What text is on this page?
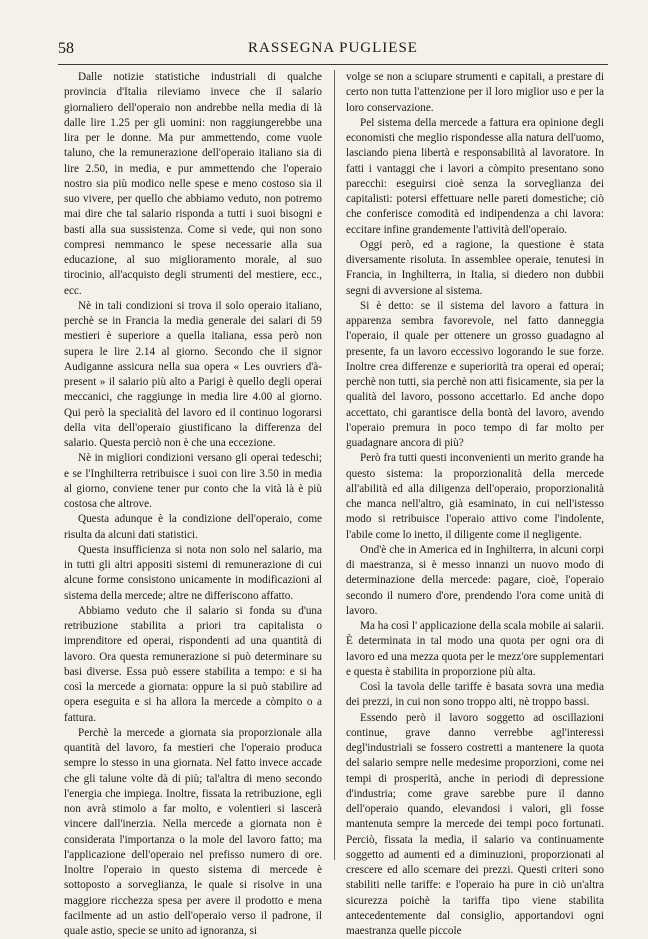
58	RASSEGNA PUGLIESE

Dalle notizie statistiche industriali di qualche provincia d'Italia rileviamo invece che il salario giornaliero dell'operaio non andrebbe nella media di là dalle lire 1.25 per gli uomini: non raggiungerebbe una lira per le donne. Ma pur ammettendo, come vuole taluno, che la remunerazione dell'operaio italiano sia di lire 2.50, in media, e pur ammettendo che l'operaio nostro sia più modico nelle spese e meno costoso sia il suo vivere, per quello che abbiamo veduto, non potremo mai dire che tal salario risponda a tutti i suoi bisogni e basti alla sua sussistenza. Come si vede, qui non sono compresi nemmanco le spese necessarie alla sua educazione, al suo miglioramento morale, al suo tirocinio, all'acquisto degli strumenti del mestiere, ecc., ecc.

Nè in tali condizioni si trova il solo operaio italiano, perchè se in Francia la media generale dei salari di 59 mestieri è superiore a quella italiana, essa però non supera le lire 2.14 al giorno. Secondo che il signor Audiganne assicura nella sua opera « Les ouvriers d'à-present » il salario più alto a Parigi è quello degli operai meccanici, che raggiunge in media lire 4.00 al giorno. Qui però la specialità del lavoro ed il continuo logorarsi della vita dell'operaio giustificano la differenza del salario. Questa perciò non è che una eccezione.

Nè in migliori condizioni versano gli operai tedeschi; e se l'Inghilterra retribuisce i suoi con lire 3.50 in media al giorno, conviene tener pur conto che la vità là è più costosa che altrove.

Questa adunque è la condizione dell'operaio, come risulta da alcuni dati statistici.

Questa insufficienza si nota non solo nel salario, ma in tutti gli altri appositi sistemi di remunerazione di cui alcune forme consistono unicamente in modificazioni al sistema della mercede; altre ne differiscono affatto.

Abbiamo veduto che il salario si fonda su d'una retribuzione stabilita a priori tra capitalista o imprenditore ed operai, rispondenti ad una quantità di lavoro. Ora questa remunerazione si può determinare su basi diverse. Essa può essere stabilita a tempo: e si ha così la mercede a giornata: oppure la si può stabilire ad opera eseguita e si ha allora la mercede a còmpito o a fattura.

Perchè la mercede a giornata sia proporzionale alla quantità del lavoro, fa mestieri che l'operaio produca sempre lo stesso in una giornata. Nel fatto invece accade che gli talune volte dà di più; tal'altra di meno secondo l'energia che impiega. Inoltre, fissata la retribuzione, egli non avrà stimolo a far molto, e volentieri si lascerà vincere dall'inerzia. Nella mercede a giornata non è considerata l'importanza o la mole del lavoro fatto; ma l'applicazione dell'operaio nel prefisso numero di ore. Inoltre l'operaio in questo sistema di mercede è sottoposto a sorveglianza, le quale si risolve in una maggiore ricchezza spesa per avere il prodotto e mena facilmente ad un astio dell'operaio verso il padrone, il quale astio, specie se unito ad ignoranza, si

volge se non a sciupare strumenti e capitali, a prestare di certo non tutta l'attenzione per il loro miglior uso e per la loro conservazione.

Pel sistema della mercede a fattura era opinione degli economisti che meglio rispondesse alla natura dell'uomo, lasciando piena libertà e responsabilità al lavoratore. In fatti i vantaggi che i lavori a còmpito presentano sono parecchi: eseguirsi cioè senza la sorveglianza dei capitalisti: potersi effettuare nelle pareti domestiche; ciò che conferisce comodità ed indipendenza a chi lavora: eccitare infine grandemente l'attività dell'operaio.

Oggi però, ed a ragione, la questione è stata diversamente risoluta. In assemblee operaie, tenutesi in Francia, in Inghilterra, in Italia, si diedero non dubbii segni di avversione al sistema.

Si è detto: se il sistema del lavoro a fattura in apparenza sembra favorevole, nel fatto danneggia l'operaio, il quale per ottenere un grosso guadagno al presente, fa un lavoro eccessivo logorando le sue forze. Inoltre crea differenze e superiorità tra operai ed operai; perchè non tutti, sia perchè non atti fisicamente, sia per la qualità del lavoro, possono accettarlo. Ed anche dopo accettato, chi garantisce della bontà del lavoro, avendo l'operaio premura in poco tempo di far molto per guadagnare ancora di più?

Però fra tutti questi inconvenienti un merito grande ha questo sistema: la proporzionalità della mercede all'abilità ed alla diligenza dell'operaio, proporzionalità che manca nell'altro, già esaminato, in cui nell'istesso modo si retribuisce l'operaio attivo come l'indolente, l'abile come lo inetto, il diligente come il negligente.

Ond'è che in America ed in Inghilterra, in alcuni corpi di maestranza, si è messo innanzi un nuovo modo di determinazione della mercede: pagare, cioè, l'operaio secondo il numero d'ore, prendendo l'ora come unità di lavoro.

Ma ha così l' applicazione della scala mobile ai salarii. È determinata in tal modo una quota per ogni ora di lavoro ed una mezza quota per le mezz'ore supplementari e questa è stabilita in proporzione più alta.

Così la tavola delle tariffe è basata sovra una media dei prezzi, in cui non sono troppo alti, nè troppo bassi.

Essendo però il lavoro soggetto ad oscillazioni continue, grave danno verrebbe agl'interessi degl'industriali se fossero costretti a mantenere la quota del salario sempre nelle medesime proporzioni, come nei tempi di prosperità, anche in periodi di depressione d'industria; come grave sarebbe pure il danno dell'operaio quando, elevandosi i valori, gli fosse mantenuta sempre la mercede dei tempi poco fortunati. Perciò, fissata la media, il salario va continuamente soggetto ad aumenti ed a diminuzioni, proporzionati al crescere ed allo scemare dei prezzi. Questi criteri sono stabiliti nelle tariffe: e l'operaio ha pure in ciò un'altra sicurezza poichè la tariffa tipo viene stabilita antecedentemente dal consiglio, apportandovi ogni maestranza quelle piccole
